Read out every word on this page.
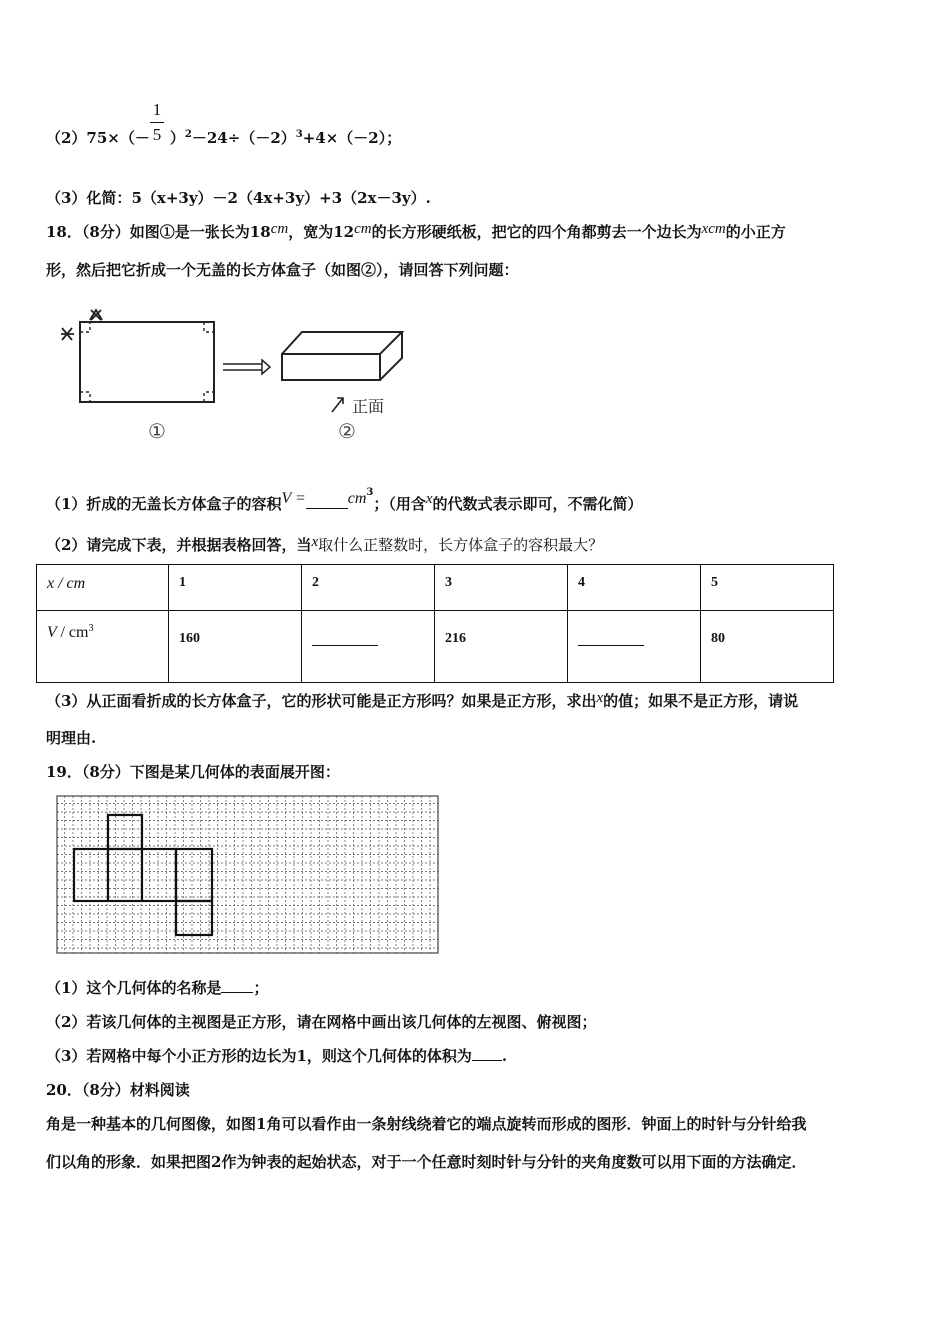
$(2)75\times(- )^2-24\div(-2)^3+4\times(-2)$；
1
5
（3）化简：5（x+3y）－2（4x+3y）+3（2x－3y）.
18．（8分）如图①是一张长为18cm，宽为12cm的长方形硬纸板，把它的四个角都剪去一个边长为xcm的小正方
形，然后把它折成一个无盖的长方体盒子（如图②），请回答下列问题：
正面
①	②
（1）折成的无盖长方体盒子的容积V =	$cm^3$；（用含x的代数式表示即可，不需化简）
（2）请完成下表，并根据表格回答，当x取什么正整数时，长方体盒子的容积最大？
x / cm	1	2	3	4	5
V / $cm^3$	160		216		80
（3）从正面看折成的长方体盒子，它的形状可能是正方形吗？如果是正方形，求出x的值；如果不是正方形，请说
明理由.
19．（8分）下图是某几何体的表面展开图：
（1）这个几何体的名称是 ；
（2）若该几何体的主视图是正方形，请在网格中画出该几何体的左视图、俯视图；
（3）若网格中每个小正方形的边长为1，则这个几何体的体积为 .
20．（8分）材料阅读
角是一种基本的几何图像，如图1角可以看作由一条射线绕着它的端点旋转而形成的图形．钟面上的时针与分针给我
们以角的形象．如果把图2作为钟表的起始状态，对于一个任意时刻时针与分针的夹角度数可以用下面的方法确定．
